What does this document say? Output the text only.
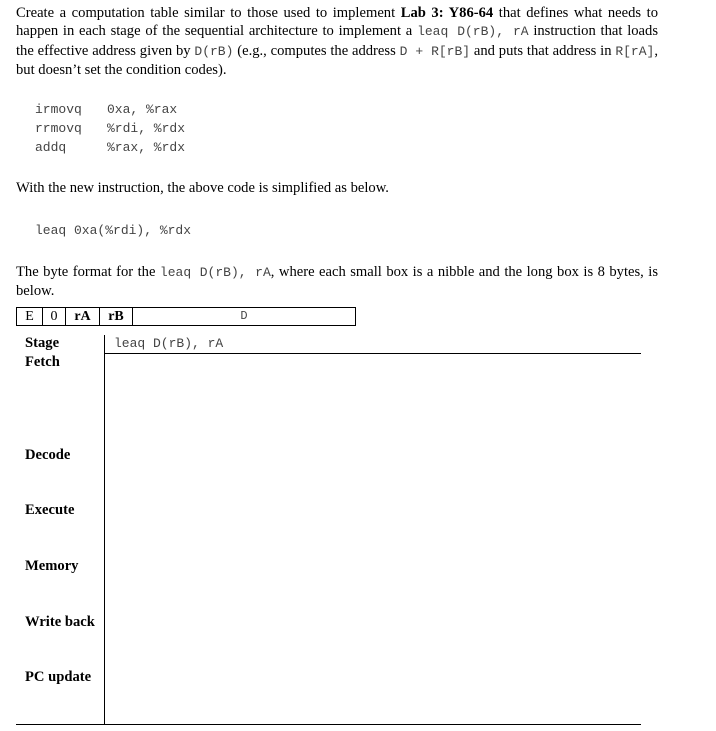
Create a computation table similar to those used to implement Lab 3: Y86-64 that defines what needs to happen in each stage of the sequential architecture to implement a leaq D(rB), rA instruction that loads the effective address given by D(rB) (e.g., computes the address D + R[rB] and puts that address in R[rA], but doesn’t set the condition codes).
irmovq 0xa, %rax
rrmovq %rdi, %rdx
addq	%rax, %rdx
With the new instruction, the above code is simplified as below.
leaq 0xa(%rdi), %rdx
The byte format for the leaq D(rB), rA, where each small box is a nibble and the long box is 8 bytes, is below.
E	0	rA	rB	D
Stage	leaq D(rB), rA
Fetch
Decode
Execute
Memory
Write back
PC update
